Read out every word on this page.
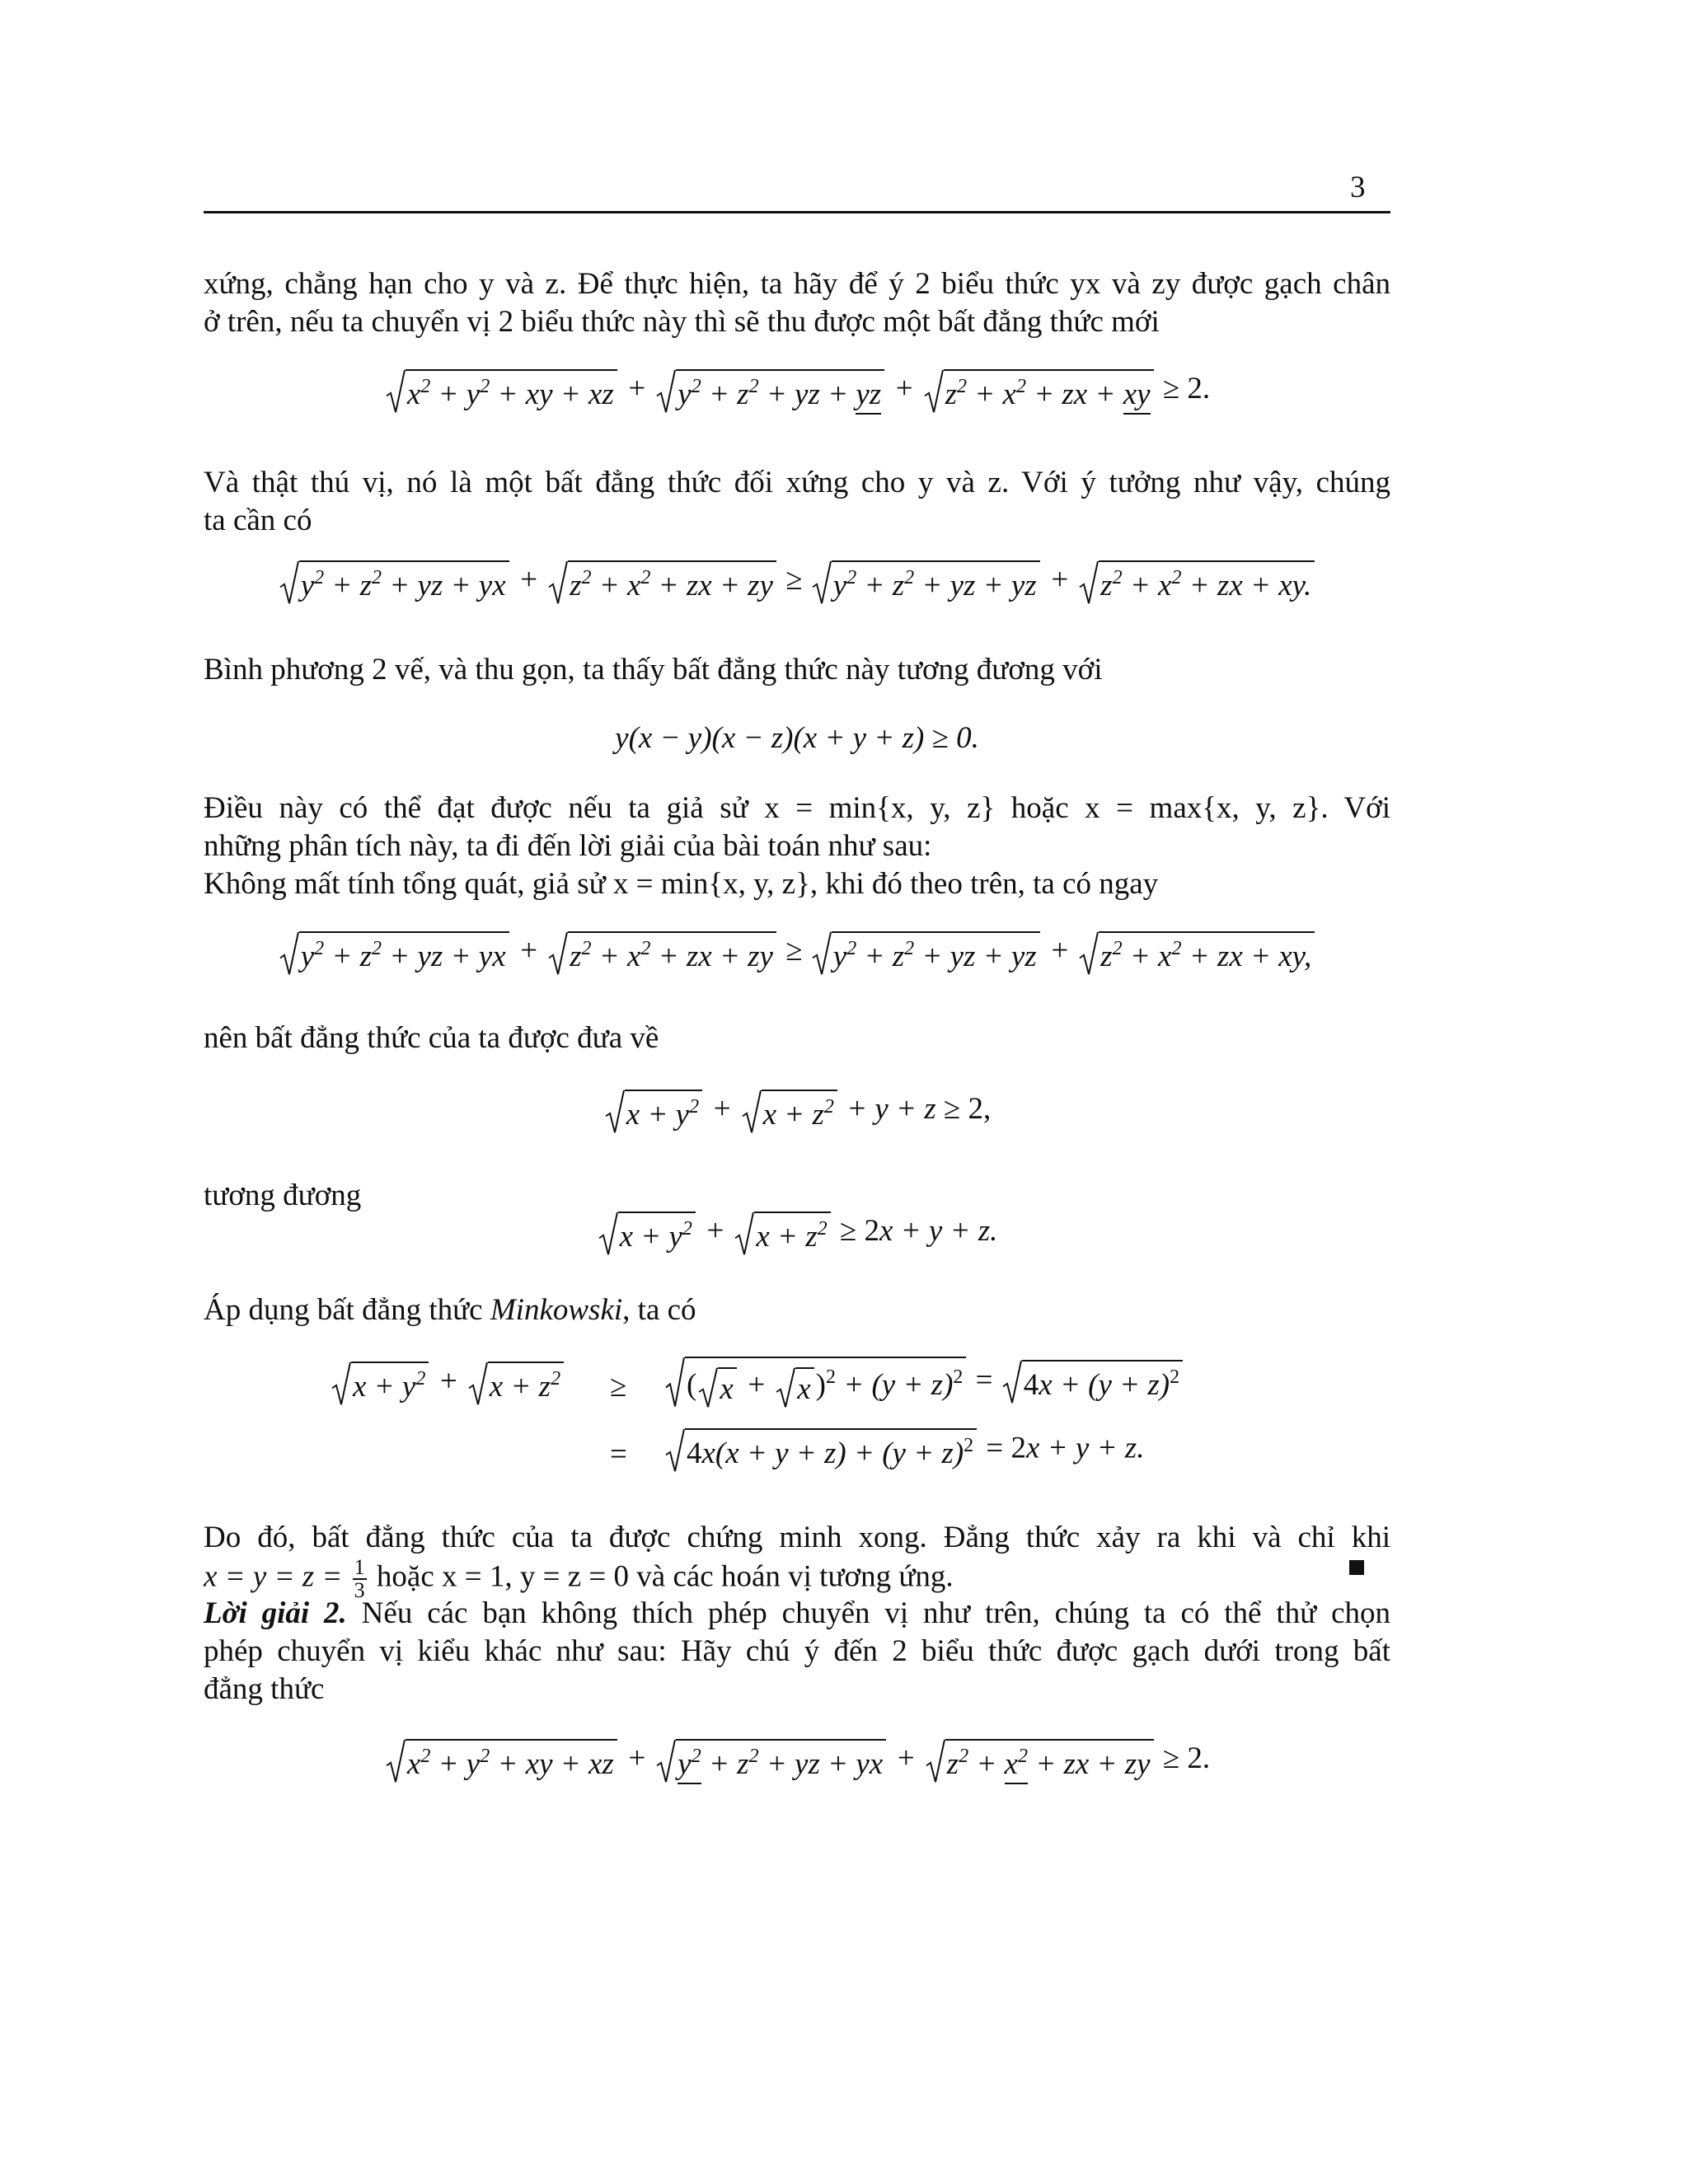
3
xứng, chẳng hạn cho y và z. Để thực hiện, ta hãy để ý 2 biểu thức yx và zy được gạch chân
ở trên, nếu ta chuyển vị 2 biểu thức này thì sẽ thu được một bất đẳng thức mới
$x^2 + y^2$ + xy + xz + $y^2 + z^2$ + yz + yz + $z^2 + x^2$ + zx + xy ≥ 2.
Và thật thú vị, nó là một bất đẳng thức đối xứng cho y và z. Với ý tưởng như vậy, chúng
ta cần có
$y^2 + z^2$ + yz + yx + $z^2 + x^2$ + zx + zy ≥ $y^2 + z^2$ + yz + yz + $z^2 + x^2$ + zx + xy.
Bình phương 2 vế, và thu gọn, ta thấy bất đẳng thức này tương đương với
y(x − y)(x − z)(x + y + z) ≥ 0.
Điều này có thể đạt được nếu ta giả sử x = min{x, y, z} hoặc x = max{x, y, z}. Với
những phân tích này, ta đi đến lời giải của bài toán như sau:
Không mất tính tổng quát, giả sử x = min{x, y, z}, khi đó theo trên, ta có ngay
$y^2 + z^2$ + yz + yx + $z^2 + x^2$ + zx + zy ≥ $y^2 + z^2$ + yz + yz + $z^2 + x^2$ + zx + xy,
nên bất đẳng thức của ta được đưa về
$x + y^2 + x + z^2 + y + z \ge 2$,
tương đương
$x + y^2 + x + z^2 \ge 2x + y + z$.
Áp dụng bất đẳng thức Minkowski, ta có
$x + y^2 + x + z^2$ ≥ ( x + x )$^2 + (y + z)^2 = 4x + (y + z)^2$
= $4x(x + y + z) + (y + z)^2 = 2x + y + z$.
Do đó, bất đẳng thức của ta được chứng minh xong. Đẳng thức xảy ra khi và chỉ khi
$x = y = z = \frac{1}{3}$ hoặc x = 1, y = z = 0 và các hoán vị tương ứng.
Lời giải 2. Nếu các bạn không thích phép chuyển vị như trên, chúng ta có thể thử chọn
phép chuyển vị kiểu khác như sau: Hãy chú ý đến 2 biểu thức được gạch dưới trong bất
đẳng thức
$x^2 + y^2$ + xy + xz + $y^2 + z^2$ + yz + yx + $z^2 + x^2$ + zx + zy ≥ 2.
